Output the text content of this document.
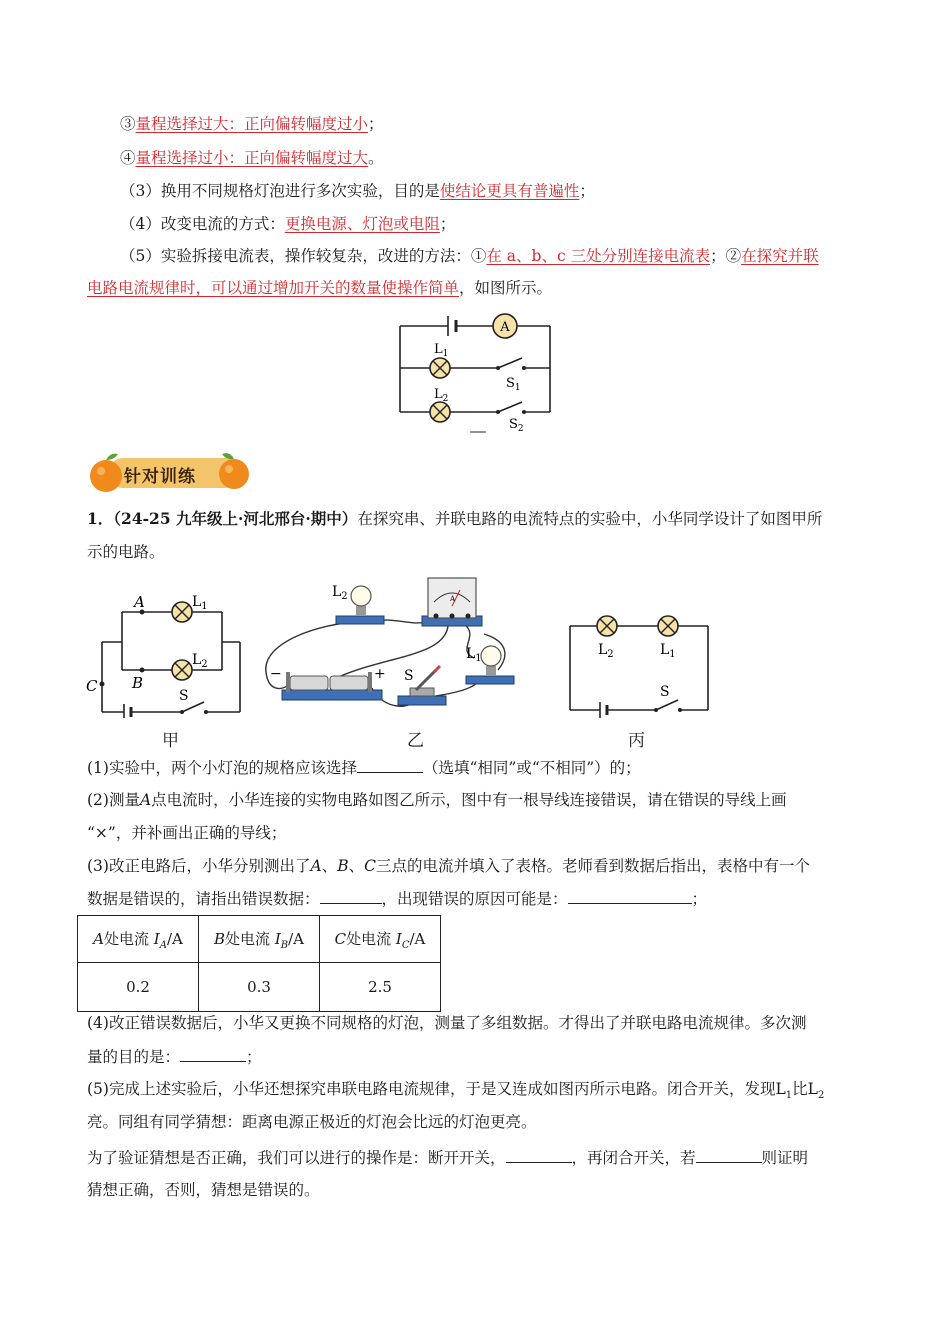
③量程选择过大：正向偏转幅度过小；
④量程选择过小：正向偏转幅度过大。
（3）换用不同规格灯泡进行多次实验，目的是使结论更具有普遍性；
（4）改变电流的方式：更换电源、灯泡或电阻；
（5）实验拆接电流表，操作较复杂，改进的方法：①在 a、b、c 三处分别连接电流表；②在探究并联
电路电流规律时，可以通过增加开关的数量使操作简单，如图所示。
A
$L_1$
$L_2$
$S_1$
$S_2$
针对训练
1．（24-25 九年级上·河北邢台·期中）在探究串、并联电路的电流特点的实验中，小华同学设计了如图甲所
示的电路。
A
B
C
$L_1$
$L_2$
S
A
$L_2$
$L_1$
S
−	+
$L_2$	$L_1$
S
甲	乙	丙
(1)实验中，两个小灯泡的规格应该选择	（选填“相同”或“不相同”）的；
(2)测量A点电流时，小华连接的实物电路如图乙所示，图中有一根导线连接错误，请在错误的导线上画
“×”，并补画出正确的导线；
(3)改正电路后，小华分别测出了A、B、C三点的电流并填入了表格。老师看到数据后指出，表格中有一个
数据是错误的，请指出错误数据：	，出现错误的原因可能是：	；
A处电流 $I_A/A$	B处电流 $I_B/A$	C处电流 $I_C/A$
0.2	0.3	2.5
(4)改正错误数据后，小华又更换不同规格的灯泡，测量了多组数据。才得出了并联电路电流规律。多次测
量的目的是：	；
(5)完成上述实验后，小华还想探究串联电路电流规律，于是又连成如图丙所示电路。闭合开关，发现$L_1$比$L_2$
亮。同组有同学猜想：距离电源正极近的灯泡会比远的灯泡更亮。
为了验证猜想是否正确，我们可以进行的操作是：断开开关，	，再闭合开关，若	则证明
猜想正确，否则，猜想是错误的。
